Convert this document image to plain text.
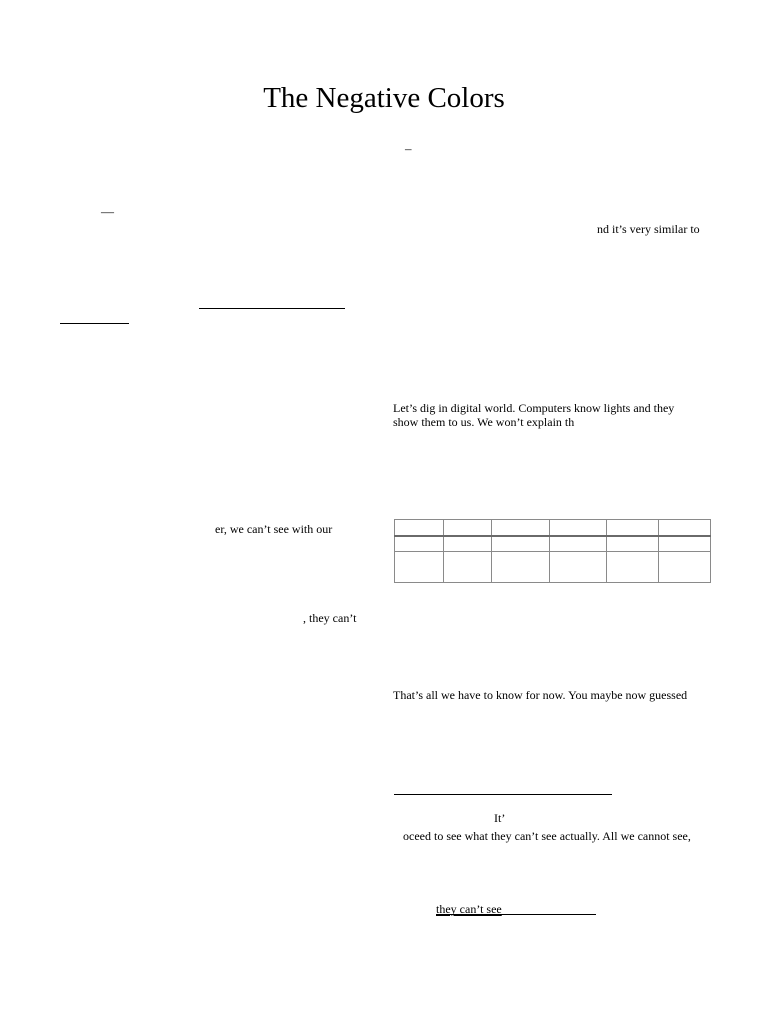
The Negative Colors
–
—
nd it’s very similar to
Let’s dig in digital world. Computers know lights and they
show them to us. We won’t explain th
er, we can’t see with our

, they can’t
That’s all we have to know for now. You maybe now guessed
It’
oceed to see what they can’t see actually. All we cannot see,
they can’t see
